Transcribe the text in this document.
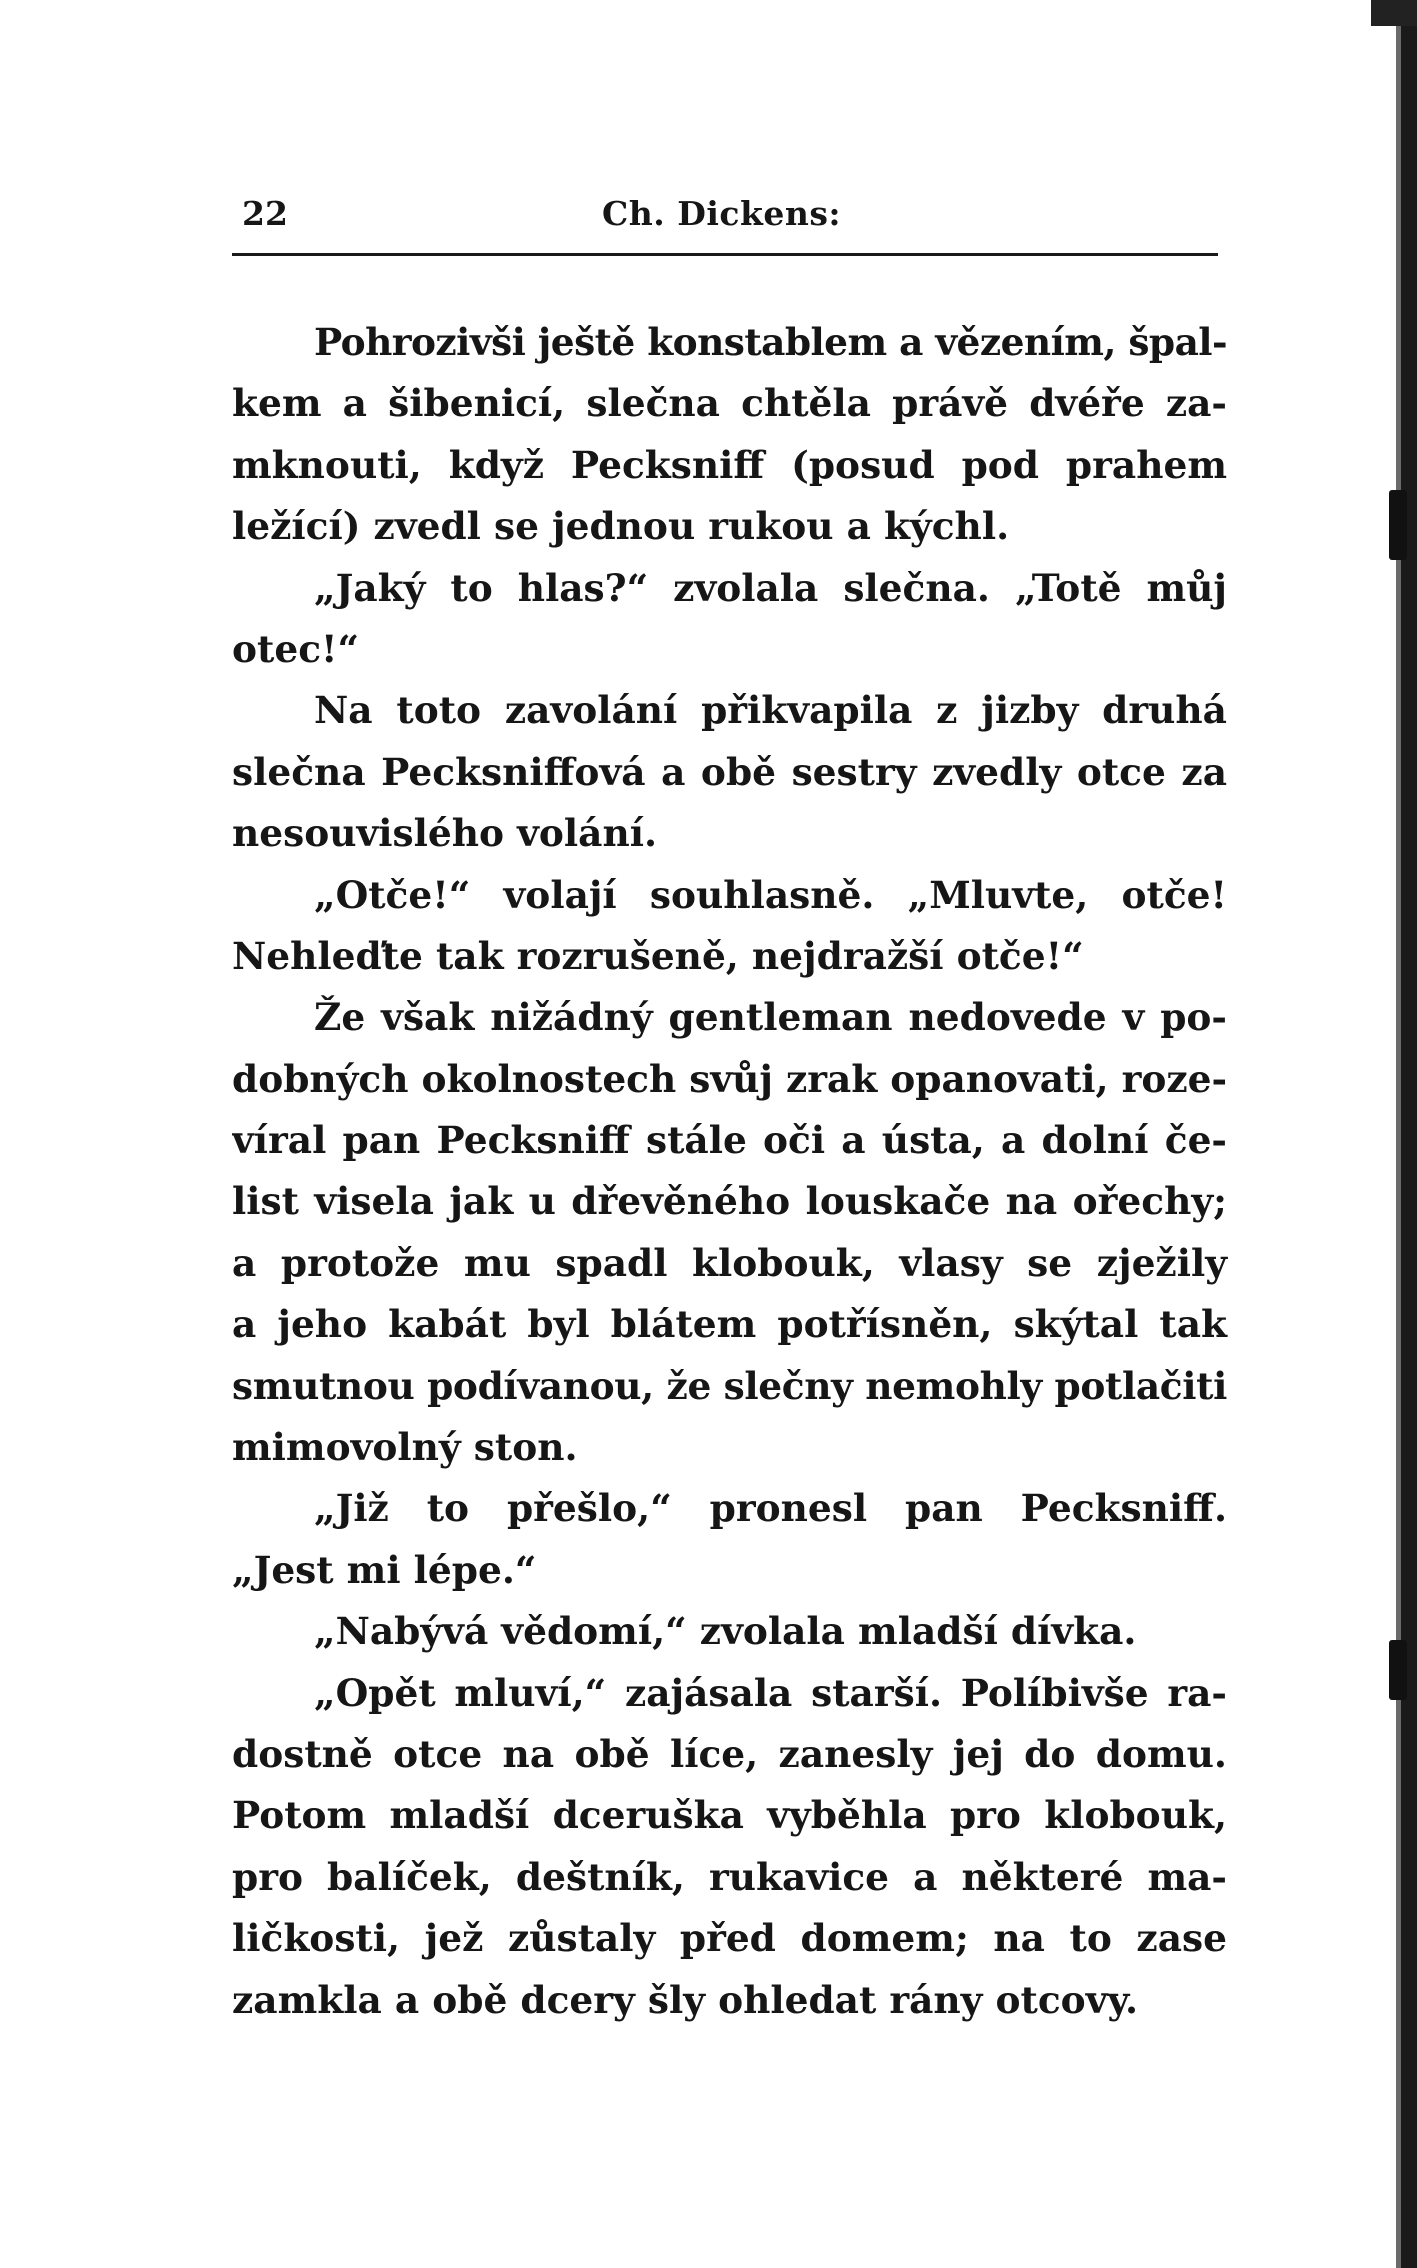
22	Ch. Dickens:
Pohrozivši ještě konstablem a vězením, špal-
kem a šibenicí, slečna chtěla právě dvéře za-
mknouti, když Pecksniff (posud pod prahem
ležící) zvedl se jednou rukou a kýchl.
„Jaký to hlas?“ zvolala slečna. „Totě můj
otec!“
Na toto zavolání přikvapila z jizby druhá
slečna Pecksniffová a obě sestry zvedly otce za
nesouvislého volání.
„Otče!“ volají souhlasně. „Mluvte, otče!
Nehleďte tak rozrušeně, nejdražší otče!“
Že však nižádný gentleman nedovede v po-
dobných okolnostech svůj zrak opanovati, roze-
víral pan Pecksniff stále oči a ústa, a dolní če-
list visela jak u dřevěného louskače na ořechy;
a protože mu spadl klobouk, vlasy se zježily
a jeho kabát byl blátem potřísněn, skýtal tak
smutnou podívanou, že slečny nemohly potlačiti
mimovolný ston.
„Již to přešlo,“ pronesl pan Pecksniff.
„Jest mi lépe.“
„Nabývá vědomí,“ zvolala mladší dívka.
„Opět mluví,“ zajásala starší. Políbivše ra-
dostně otce na obě líce, zanesly jej do domu.
Potom mladší dceruška vyběhla pro klobouk,
pro balíček, deštník, rukavice a některé ma-
ličkosti, jež zůstaly před domem; na to zase
zamkla a obě dcery šly ohledat rány otcovy.
